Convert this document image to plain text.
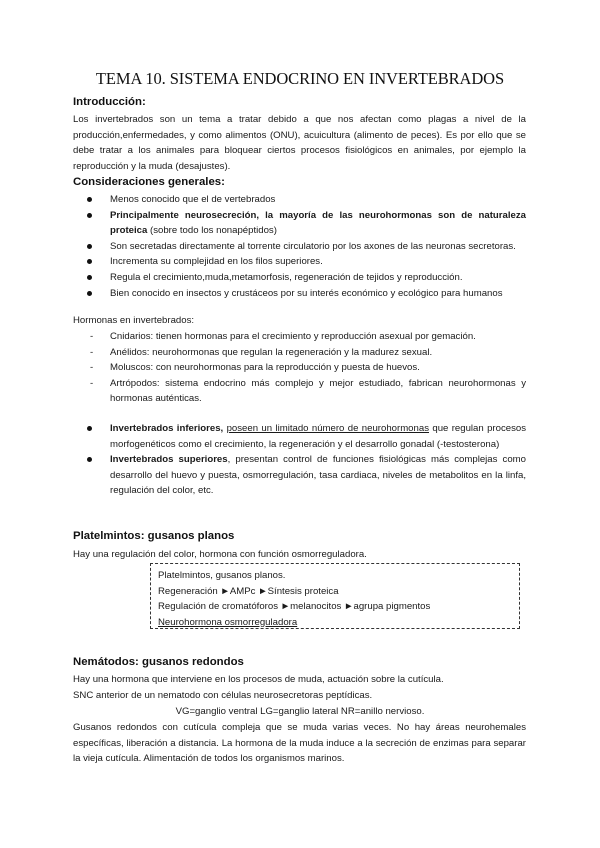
TEMA 10. SISTEMA ENDOCRINO EN INVERTEBRADOS
Introducción:

Los invertebrados son un tema a tratar debido a que nos afectan como plagas a nivel de la producción,enfermedades, y como alimentos (ONU), acuicultura (alimento de peces). Es por ello que se debe tratar a los animales para bloquear ciertos procesos fisiológicos en animales, por ejemplo la reproducción y la muda (desajustes).

Consideraciones generales:
Menos conocido que el de vertebrados
Principalmente neurosecreción, la mayoría de las neurohormonas son de naturaleza proteica (sobre todo los nonapéptidos)
Son secretadas directamente al torrente circulatorio por los axones de las neuronas secretoras.
Incrementa su complejidad en los filos superiores.
Regula el crecimiento,muda,metamorfosis, regeneración de tejidos y reproducción.
Bien conocido en insectos y crustáceos por su interés económico y ecológico para humanos
Hormonas en invertebrados:
- Cnidarios: tienen hormonas para el crecimiento y reproducción asexual por gemación.
- Anélidos: neurohormonas que regulan la regeneración y la madurez sexual.
- Moluscos: con neurohormonas para la reproducción y puesta de huevos.
- Artrópodos: sistema endocrino más complejo y mejor estudiado, fabrican neurohormonas y hormonas auténticas.
Invertebrados inferiores, poseen un limitado número de neurohormonas que regulan procesos morfogenéticos como el crecimiento, la regeneración y el desarrollo gonadal (-testosterona)
Invertebrados superiores, presentan control de funciones fisiológicas más complejas como desarrollo del huevo y puesta, osmorregulación, tasa cardiaca, niveles de metabolitos en la linfa, regulación del color, etc.
Platelmintos: gusanos planos
Hay una regulación del color, hormona con función osmorreguladora.
Platelmintos, gusanos planos.
Regeneración ►AMPc ►Síntesis proteica
Regulación de cromatóforos ►melanocitos ►agrupa pigmentos
Neurohormona osmorreguladora
Nemátodos: gusanos redondos
Hay una hormona que interviene en los procesos de muda, actuación sobre la cutícula.
SNC anterior de un nematodo con células neurosecretoras peptídicas.

VG=ganglio ventral LG=ganglio lateral NR=anillo nervioso.

Gusanos redondos con cutícula compleja que se muda varias veces. No hay áreas neurohemales específicas, liberación a distancia. La hormona de la muda induce a la secreción de enzimas para separar la vieja cutícula. Alimentación de todos los organismos marinos.
